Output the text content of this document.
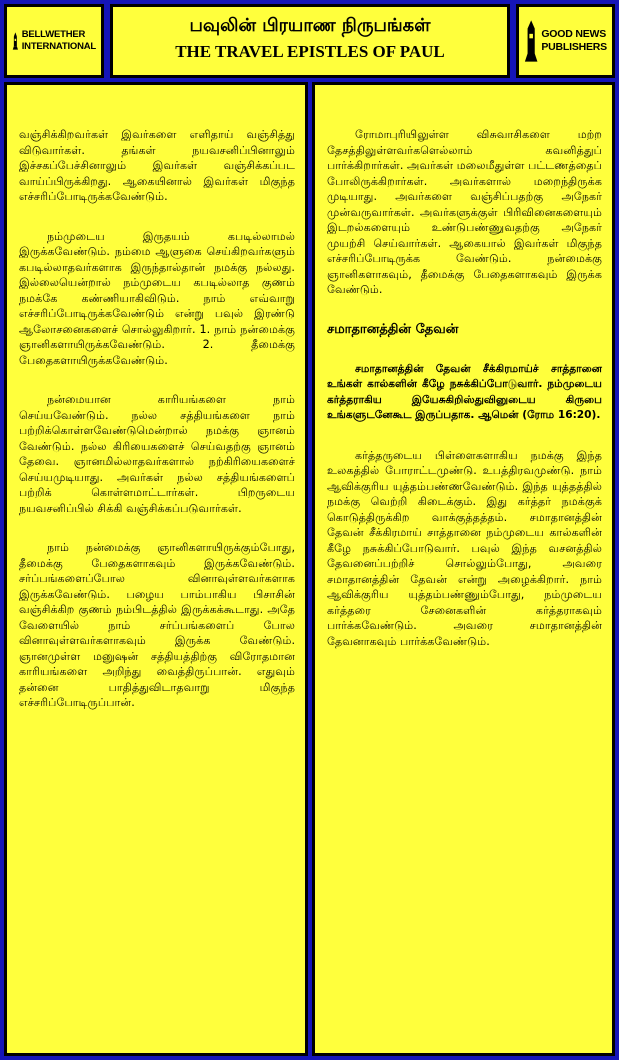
BELLWETHER
INTERNATIONAL
பவுலின் பிரயாண நிருபங்கள்
THE TRAVEL EPISTLES OF PAUL
GOOD NEWS
PUBLISHERS

வஞ்சிக்கிறவர்கள் இவர்களை எளிதாய் வஞ்சித்து விடுவார்கள். தங்கள் நயவசனிப்பினாலும் இச்சகப்பேச்சினாலும் இவர்கள் வஞ்சிக்கப்பட வாய்ப்பிருக்கிறது. ஆகையினால் இவர்கள் மிகுந்த எச்சரிப்போடிருக்கவேண்டும்.

நம்முடைய இருதயம் கபடில்லாமல் இருக்கவேண்டும். நம்மை ஆளுகை செய்கிறவர்களும் கபடில்லாதவர்களாக இருந்தால்தான் நமக்கு நல்லது. இல்லையென்றால் நம்முடைய கபடில்லாத குணம் நமக்கே கண்ணியாகிவிடும். நாம் எவ்வாறு எச்சரிப்போடிருக்கவேண்டும் என்று பவுல் இரண்டு ஆலோசனைகளைச் சொல்லுகிறார். 1. நாம் நன்மைக்கு ஞானிகளாயிருக்கவேண்டும். 2. தீமைக்கு பேதைகளாயிருக்கவேண்டும்.

நன்மையான காரியங்களை நாம் செய்யவேண்டும். நல்ல சத்தியங்களை நாம் பற்றிக்கொள்ளவேண்டுமென்றால் நமக்கு ஞானம் வேண்டும். நல்ல கிரியைகளைச் செய்வதற்கு ஞானம் தேவை. ஞானமில்லாதவர்களால் நற்கிரியைகளைச் செய்யமுடியாது. அவர்கள் நல்ல சத்தியங்களைப் பற்றிக் கொள்ளமாட்டார்கள். பிறருடைய நயவசனிப்பில் சிக்கி வஞ்சிக்கப்படுவார்கள்.

நாம் நன்மைக்கு ஞானிகளாயிருக்கும்போது, தீமைக்கு பேதைகளாகவும் இருக்கவேண்டும். சர்ப்பங்களைப்போல வினாவுள்ளவர்களாக இருக்கவேண்டும். பழைய பாம்பாகிய பிசாசின் வஞ்சிக்கிற குணம் நம்பிடத்தில் இருக்கக்கூடாது. அதே வேளையில் நாம் சர்ப்பங்களைப் போல வினாவுள்ளவர்களாகவும் இருக்க வேண்டும். ஞானமுள்ள மனுஷன் சத்தியத்திற்கு விரோதமான காரியங்களை அறிந்து வைத்திருப்பான். எதுவும் தன்னை பாதித்துவிடாதவாறு மிகுந்த எச்சரிப்போடிருப்பான்.

ரோமாபுரியிலுள்ள விசுவாசிகளை மற்ற தேசத்திலுள்ளவர்களெல்லாம் கவனித்துப் பார்க்கிறார்கள். அவர்கள் மலைமீதுள்ள பட்டணத்தைப் போலிருக்கிறார்கள். அவர்களால் மறைந்திருக்க முடியாது. அவர்களை வஞ்சிப்பதற்கு அநேகர் முன்வருவார்கள். அவர்களுக்குள் பிரிவினைகளையும் இடறல்களையும் உண்டுபண்ணுவதற்கு அநேகர் முயற்சி செய்வார்கள். ஆகையால் இவர்கள் மிகுந்த எச்சரிப்போடிருக்க வேண்டும். நன்மைக்கு ஞானிகளாகவும், தீமைக்கு பேதைகளாகவும் இருக்க வேண்டும்.

சமாதானத்தின் தேவன்

சமாதானத்தின் தேவன் சீக்கிரமாய்ச் சாத்தானை உங்கள் கால்களின் கீழே நசுக்கிப்போடுவார். நம்முடைய கர்த்தராகிய இயேசுகிறிஸ்துவினுடைய கிருபை உங்களுடனேகூட இருப்பதாக. ஆமென் (ரோம 16:20).

கர்த்தருடைய பிள்ளைகளாகிய நமக்கு இந்த உலகத்தில் போராட்டமுண்டு. உபத்திரவமுண்டு. நாம் ஆவிக்குரிய யுத்தம்பண்ணவேண்டும். இந்த யுத்தத்தில் நமக்கு வெற்றி கிடைக்கும். இது கர்த்தர் நமக்குக் கொடுத்திருக்கிற வாக்குத்தத்தம். சமாதானத்தின் தேவன் சீக்கிரமாய் சாத்தானை நம்முடைய கால்களின் கீழே நசுக்கிப்போடுவார். பவுல் இந்த வசனத்தில் தேவனைப்பற்றிச் சொல்லும்போது, அவரை சமாதானத்தின் தேவன் என்று அழைக்கிறார். நாம் ஆவிக்குரிய யுத்தம்பண்ணும்போது, நம்முடைய கர்த்தரை சேனைகளின் கர்த்தராகவும் பார்க்கவேண்டும். அவரை சமாதானத்தின் தேவனாகவும் பார்க்கவேண்டும்.
